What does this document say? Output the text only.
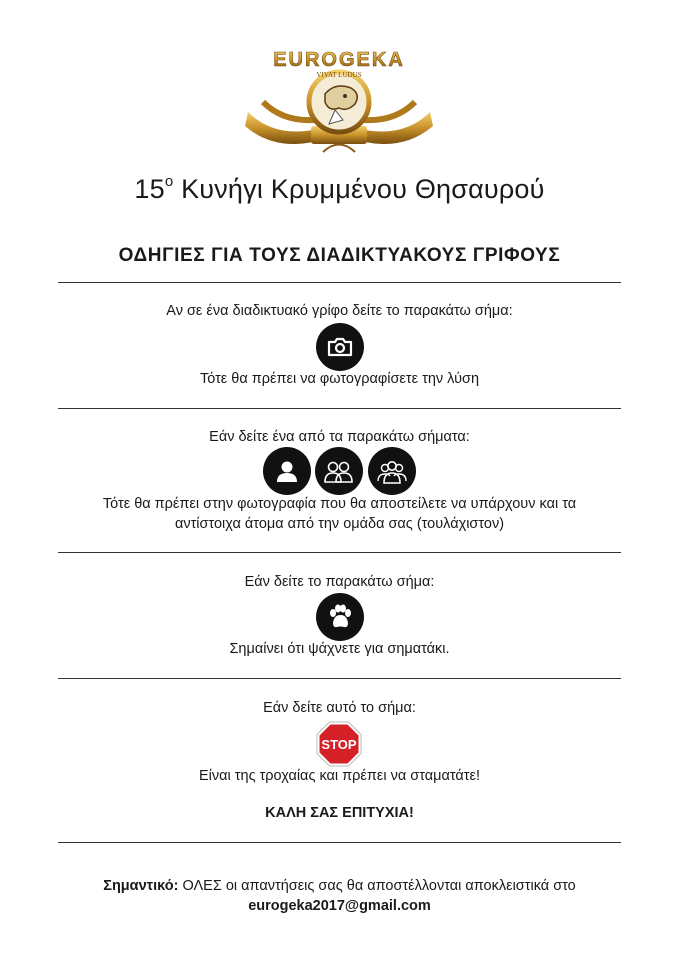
VIVAT LUDUS
EUROGEKA
$15^o$ Κυνήγι Κρυμμένου Θησαυρού
ΟΔΗΓΙΕΣ ΓΙΑ ΤΟΥΣ ΔΙΑΔΙΚΤΥΑΚΟΥΣ ΓΡΙΦΟΥΣ
Αν σε ένα διαδικτυακό γρίφο δείτε το παρακάτω σήμα:
Τότε θα πρέπει να φωτογραφίσετε την λύση
Εάν δείτε ένα από τα παρακάτω σήματα:
Τότε θα πρέπει στην φωτογραφία που θα αποστείλετε να υπάρχουν και τα
αντίστοιχα άτομα από την ομάδα σας (τουλάχιστον)
Εάν δείτε το παρακάτω σήμα:
Σημαίνει ότι ψάχνετε για σηματάκι.
Εάν δείτε αυτό το σήμα:
STOP
Είναι της τροχαίας και πρέπει να σταματάτε!
ΚΑΛΗ ΣΑΣ ΕΠΙΤΥΧΙΑ!
Σημαντικό: ΟΛΕΣ οι απαντήσεις σας θα αποστέλλονται αποκλειστικά στο
eurogeka2017@gmail.com
